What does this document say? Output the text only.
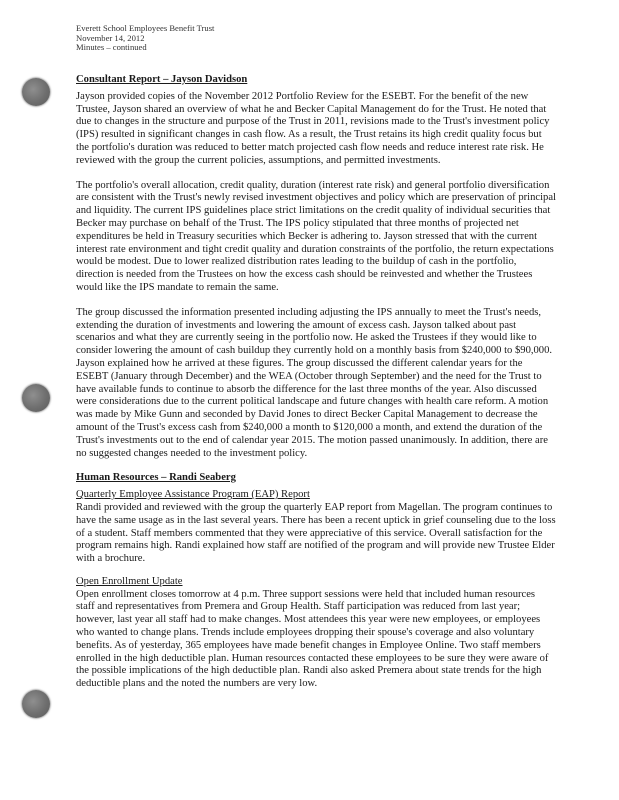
Everett School Employees Benefit Trust
November 14, 2012
Minutes – continued
Consultant Report – Jayson Davidson

Jayson provided copies of the November 2012 Portfolio Review for the ESEBT. For the benefit of the new Trustee, Jayson shared an overview of what he and Becker Capital Management do for the Trust. He noted that due to changes in the structure and purpose of the Trust in 2011, revisions made to the Trust's investment policy (IPS) resulted in significant changes in cash flow. As a result, the Trust retains its high credit quality focus but the portfolio's duration was reduced to better match projected cash flow needs and reduce interest rate risk. He reviewed with the group the current policies, assumptions, and permitted investments.

The portfolio's overall allocation, credit quality, duration (interest rate risk) and general portfolio diversification are consistent with the Trust's newly revised investment objectives and policy which are preservation of principal and liquidity. The current IPS guidelines place strict limitations on the credit quality of individual securities that Becker may purchase on behalf of the Trust. The IPS policy stipulated that three months of projected net expenditures be held in Treasury securities which Becker is adhering to. Jayson stressed that with the current interest rate environment and tight credit quality and duration constraints of the portfolio, the return expectations would be modest. Due to lower realized distribution rates leading to the buildup of cash in the portfolio, direction is needed from the Trustees on how the excess cash should be reinvested and whether the Trustees would like the IPS mandate to remain the same.

The group discussed the information presented including adjusting the IPS annually to meet the Trust's needs, extending the duration of investments and lowering the amount of excess cash. Jayson talked about past scenarios and what they are currently seeing in the portfolio now. He asked the Trustees if they would like to consider lowering the amount of cash buildup they currently hold on a monthly basis from $240,000 to $90,000. Jayson explained how he arrived at these figures. The group discussed the different calendar years for the ESEBT (January through December) and the WEA (October through September) and the need for the Trust to have available funds to continue to absorb the difference for the last three months of the year. Also discussed were considerations due to the current political landscape and future changes with health care reform. A motion was made by Mike Gunn and seconded by David Jones to direct Becker Capital Management to decrease the amount of the Trust's excess cash from $240,000 a month to $120,000 a month, and extend the duration of the Trust's investments out to the end of calendar year 2015. The motion passed unanimously. In addition, there are no suggested changes needed to the investment policy.

Human Resources – Randi Seaberg
Quarterly Employee Assistance Program (EAP) Report

Randi provided and reviewed with the group the quarterly EAP report from Magellan. The program continues to have the same usage as in the last several years. There has been a recent uptick in grief counseling due to the loss of a student. Staff members commented that they were appreciative of this service. Overall satisfaction for the program remains high. Randi explained how staff are notified of the program and will provide new Trustee Elder with a brochure.

Open Enrollment Update

Open enrollment closes tomorrow at 4 p.m. Three support sessions were held that included human resources staff and representatives from Premera and Group Health. Staff participation was reduced from last year; however, last year all staff had to make changes. Most attendees this year were new employees, or employees who wanted to change plans. Trends include employees dropping their spouse's coverage and also voluntary benefits. As of yesterday, 365 employees have made benefit changes in Employee Online. Two staff members enrolled in the high deductible plan. Human resources contacted these employees to be sure they were aware of the possible implications of the high deductible plan. Randi also asked Premera about state trends for the high deductible plans and the noted the numbers are very low.
